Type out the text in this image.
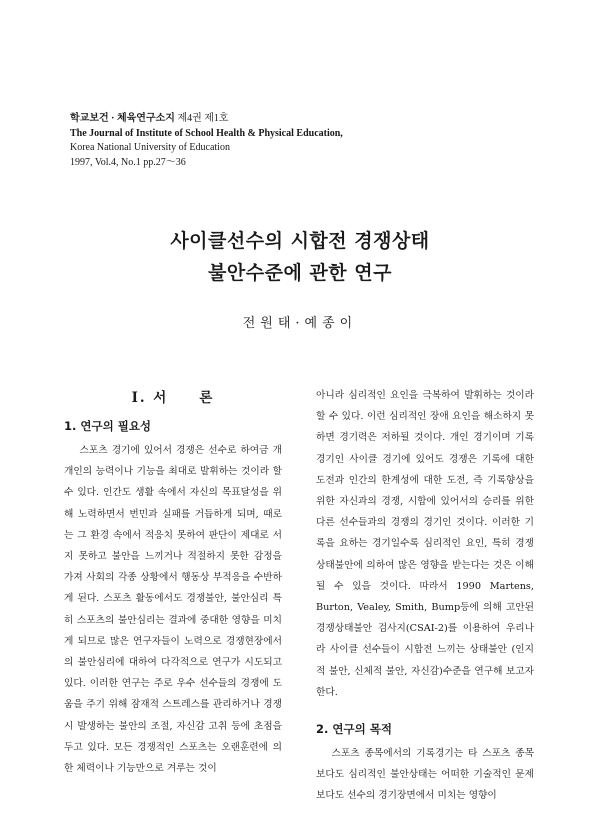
학교보건 · 체육연구소지 제4권 제1호
The Journal of Institute of School Health & Physical Education,
Korea National University of Education
1997, Vol.4, No.1 pp.27～36
사이클선수의 시합전 경쟁상태
불안수준에 관한 연구
전원태·예종이
I. 서　　론
1. 연구의 필요성

스포츠 경기에 있어서 경쟁은 선수로 하여금 개개인의 능력이나 기능을 최대로 발휘하는 것이라 할 수 있다. 인간도 생활 속에서 자신의 목표달성을 위해 노력하면서 번민과 실패를 거듭하게 되며, 때로는 그 환경 속에서 적응치 못하여 판단이 제대로 서지 못하고 불안을 느끼거나 적절하지 못한 감정을 가져 사회의 각종 상황에서 행동상 부적응을 수반하게 된다. 스포츠 활동에서도 경쟁불안, 불안심리 특히 스포츠의 불안심리는 결과에 중대한 영향을 미치게 되므로 많은 연구자들이 노력으로 경쟁현장에서의 불안심리에 대하여 다각적으로 연구가 시도되고 있다. 이러한 연구는 주로 우수 선수들의 경쟁에 도움을 주기 위해 잠재적 스트레스를 관리하거나 경쟁시 발생하는 불안의 조절, 자신감 고취 등에 초점을 두고 있다. 모든 경쟁적인 스포츠는 오랜훈련에 의한 체력이나 기능만으로 겨루는 것이

아니라 심리적인 요인을 극복하여 발휘하는 것이라 할 수 있다. 이런 심리적인 장애 요인을 해소하지 못하면 경기력은 저하될 것이다. 개인 경기이며 기록경기인 사이클 경기에 있어도 경쟁은 기록에 대한 도전과 인간의 한계성에 대한 도전, 즉 기록향상을 위한 자신과의 경쟁, 시합에 있어서의 승리를 위한 다른 선수들과의 경쟁의 경기인 것이다. 이러한 기록을 요하는 경기일수록 심리적인 요인, 특히 경쟁상태불안에 의하여 많은 영향을 받는다는 것은 이해될 수 있을 것이다. 따라서 1990 Martens, Burton, Vealey, Smith, Bump등에 의해 고안된 경쟁상태불안 검사지(CSAI-2)를 이용하여 우리나라 사이클 선수들이 시합전 느끼는 상태불안 (인지적 불안, 신체적 불안, 자신감)수준을 연구해 보고자 한다.

2. 연구의 목적

스포츠 종목에서의 기록경기는 타 스포츠 종목 보다도 심리적인 불안상태는 어떠한 기술적인 문제보다도 선수의 경기장면에서 미치는 영향이
